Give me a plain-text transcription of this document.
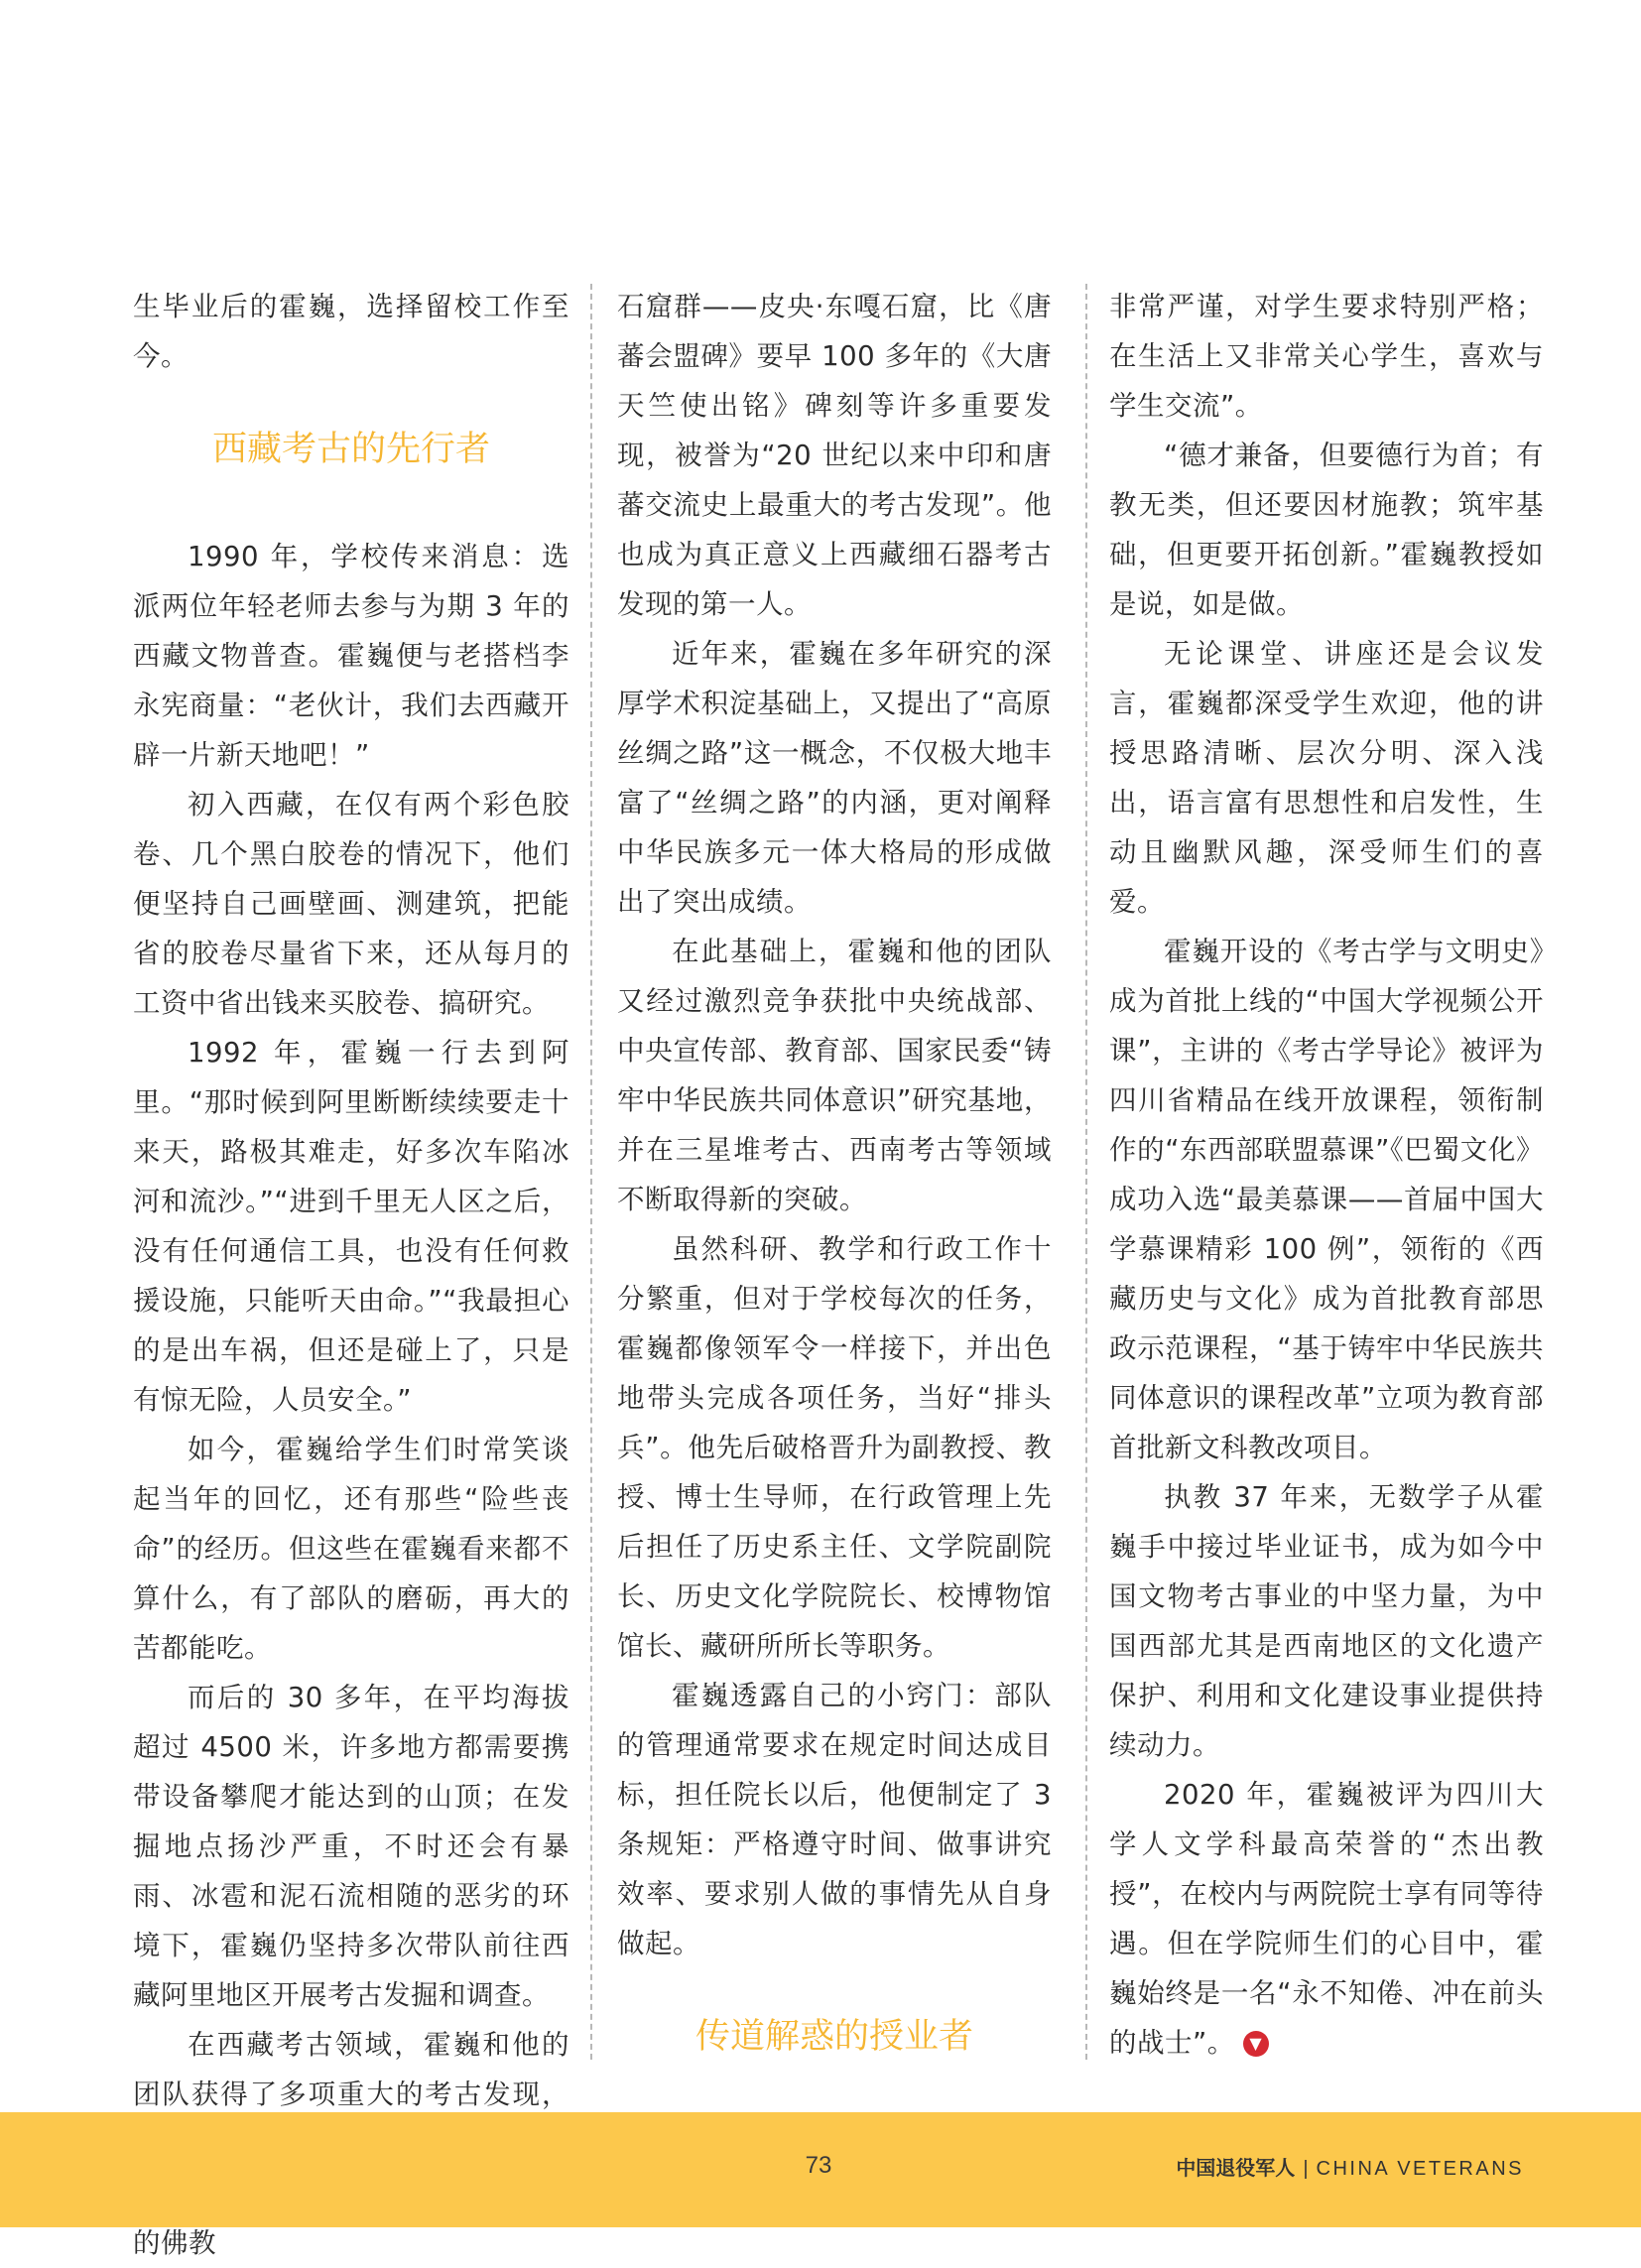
生毕业后的霍巍，选择留校工作至今。

西藏考古的先行者

1990 年，学校传来消息：选派两位年轻老师去参与为期 3 年的西藏文物普查。霍巍便与老搭档李永宪商量：“老伙计，我们去西藏开辟一片新天地吧！”

初入西藏，在仅有两个彩色胶卷、几个黑白胶卷的情况下，他们便坚持自己画壁画、测建筑，把能省的胶卷尽量省下来，还从每月的工资中省出钱来买胶卷、搞研究。

1992 年，霍巍一行去到阿里。“那时候到阿里断断续续要走十来天，路极其难走，好多次车陷冰河和流沙。”“进到千里无人区之后，没有任何通信工具，也没有任何救援设施，只能听天由命。”“我最担心的是出车祸，但还是碰上了，只是有惊无险，人员安全。”

如今，霍巍给学生们时常笑谈起当年的回忆，还有那些“险些丧命”的经历。但这些在霍巍看来都不算什么，有了部队的磨砺，再大的苦都能吃。

而后的 30 多年，在平均海拔超过 4500 米，许多地方都需要携带设备攀爬才能达到的山顶；在发掘地点扬沙严重，不时还会有暴雨、冰雹和泥石流相随的恶劣的环境下，霍巍仍坚持多次带队前往西藏阿里地区开展考古发掘和调查。

在西藏考古领域，霍巍和他的团队获得了多项重大的考古发现， 的佛教

石窟群——皮央·东嘎石窟，比《唐蕃会盟碑》要早 100 多年的《大唐天竺使出铭》碑刻等许多重要发现，被誉为“20 世纪以来中印和唐蕃交流史上最重大的考古发现”。他也成为真正意义上西藏细石器考古发现的第一人。

近年来，霍巍在多年研究的深厚学术积淀基础上，又提出了“高原丝绸之路”这一概念，不仅极大地丰富了“丝绸之路”的内涵，更对阐释中华民族多元一体大格局的形成做出了突出成绩。

在此基础上，霍巍和他的团队又经过激烈竞争获批中央统战部、中央宣传部、教育部、国家民委“铸牢中华民族共同体意识”研究基地，并在三星堆考古、西南考古等领域不断取得新的突破。

虽然科研、教学和行政工作十分繁重，但对于学校每次的任务，霍巍都像领军令一样接下，并出色地带头完成各项任务，当好“排头兵”。他先后破格晋升为副教授、教授、博士生导师，在行政管理上先后担任了历史系主任、文学院副院长、历史文化学院院长、校博物馆馆长、藏研所所长等职务。

霍巍透露自己的小窍门：部队的管理通常要求在规定时间达成目标，担任院长以后，他便制定了 3 条规矩：严格遵守时间、做事讲究效率、要求别人做的事情先从自身做起。

传道解惑的授业者

非常严谨，对学生要求特别严格；在生活上又非常关心学生，喜欢与学生交流”。

“德才兼备，但要德行为首；有教无类，但还要因材施教；筑牢基础，但更要开拓创新。”霍巍教授如是说，如是做。

无论课堂、讲座还是会议发言，霍巍都深受学生欢迎，他的讲授思路清晰、层次分明、深入浅出，语言富有思想性和启发性，生动且幽默风趣，深受师生们的喜爱。

霍巍开设的《考古学与文明史》成为首批上线的“中国大学视频公开课”，主讲的《考古学导论》被评为四川省精品在线开放课程，领衔制作的“东西部联盟慕课”《巴蜀文化》成功入选“最美慕课——首届中国大学慕课精彩 100 例”，领衔的《西藏历史与文化》成为首批教育部思政示范课程，“基于铸牢中华民族共同体意识的课程改革”立项为教育部首批新文科教改项目。

执教 37 年来，无数学子从霍巍手中接过毕业证书，成为如今中国文物考古事业的中坚力量，为中国西部尤其是西南地区的文化遗产保护、利用和文化建设事业提供持续动力。

2020 年，霍巍被评为四川大学人文学科最高荣誉的“杰出教授”，在校内与两院院士享有同等待遇。但在学院师生们的心目中，霍巍始终是一名“永不知倦、冲在前头的战士”。 ▼

73	中国退役军人 | CHINA VETERANS
